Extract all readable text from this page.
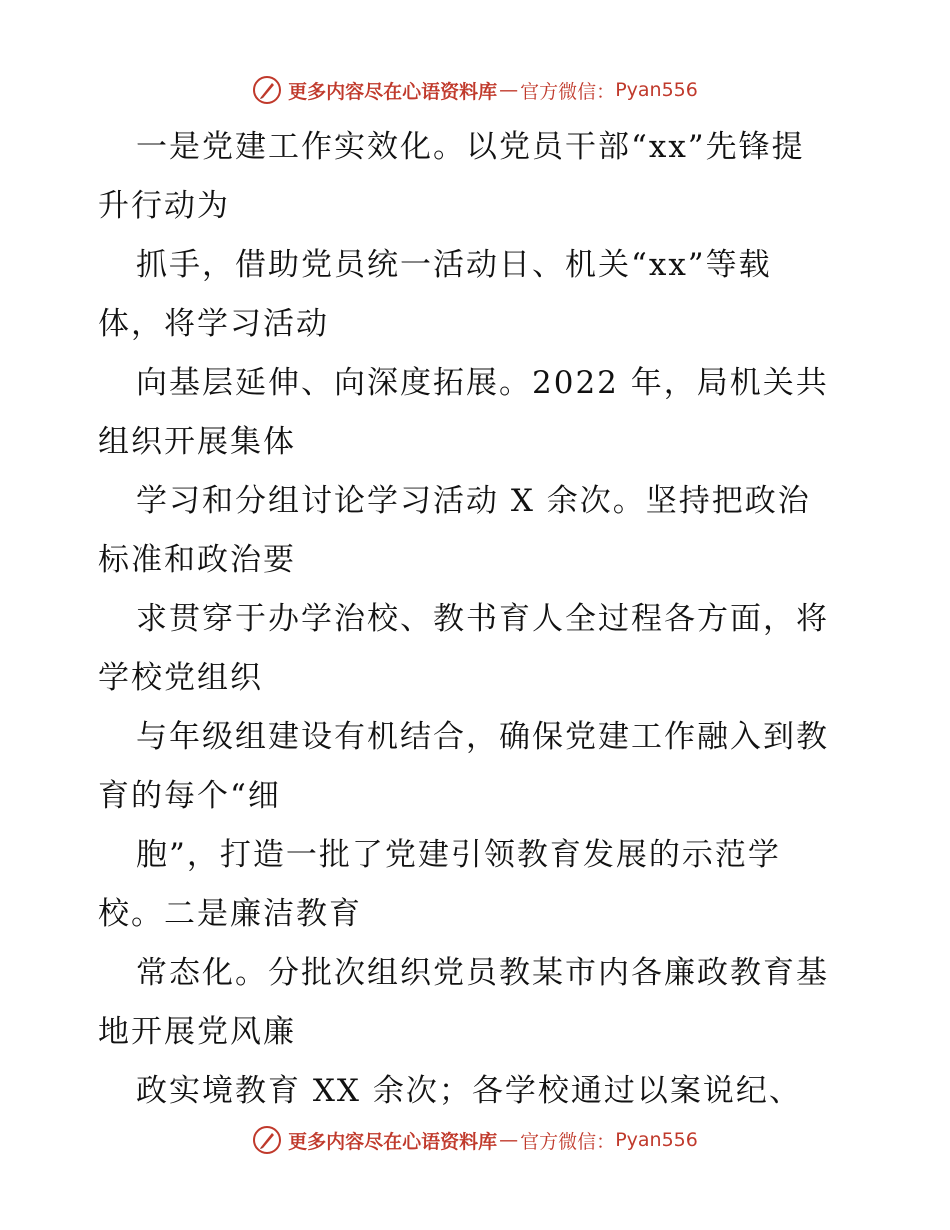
更多内容尽在心语资料库 — 官方微信： Pyan556
一是党建工作实效化。以党员干部“xx”先锋提
升行动为
抓手，借助党员统一活动日、机关“xx”等载
体，将学习活动
向基层延伸、向深度拓展。2022 年，局机关共
组织开展集体
学习和分组讨论学习活动 X 余次。坚持把政治
标准和政治要
求贯穿于办学治校、教书育人全过程各方面，将
学校党组织
与年级组建设有机结合，确保党建工作融入到教
育的每个“细
胞”，打造一批了党建引领教育发展的示范学
校。二是廉洁教育
常态化。分批次组织党员教某市内各廉政教育基
地开展党风廉
政实境教育 XX 余次；各学校通过以案说纪、
更多内容尽在心语资料库 — 官方微信： Pyan556
